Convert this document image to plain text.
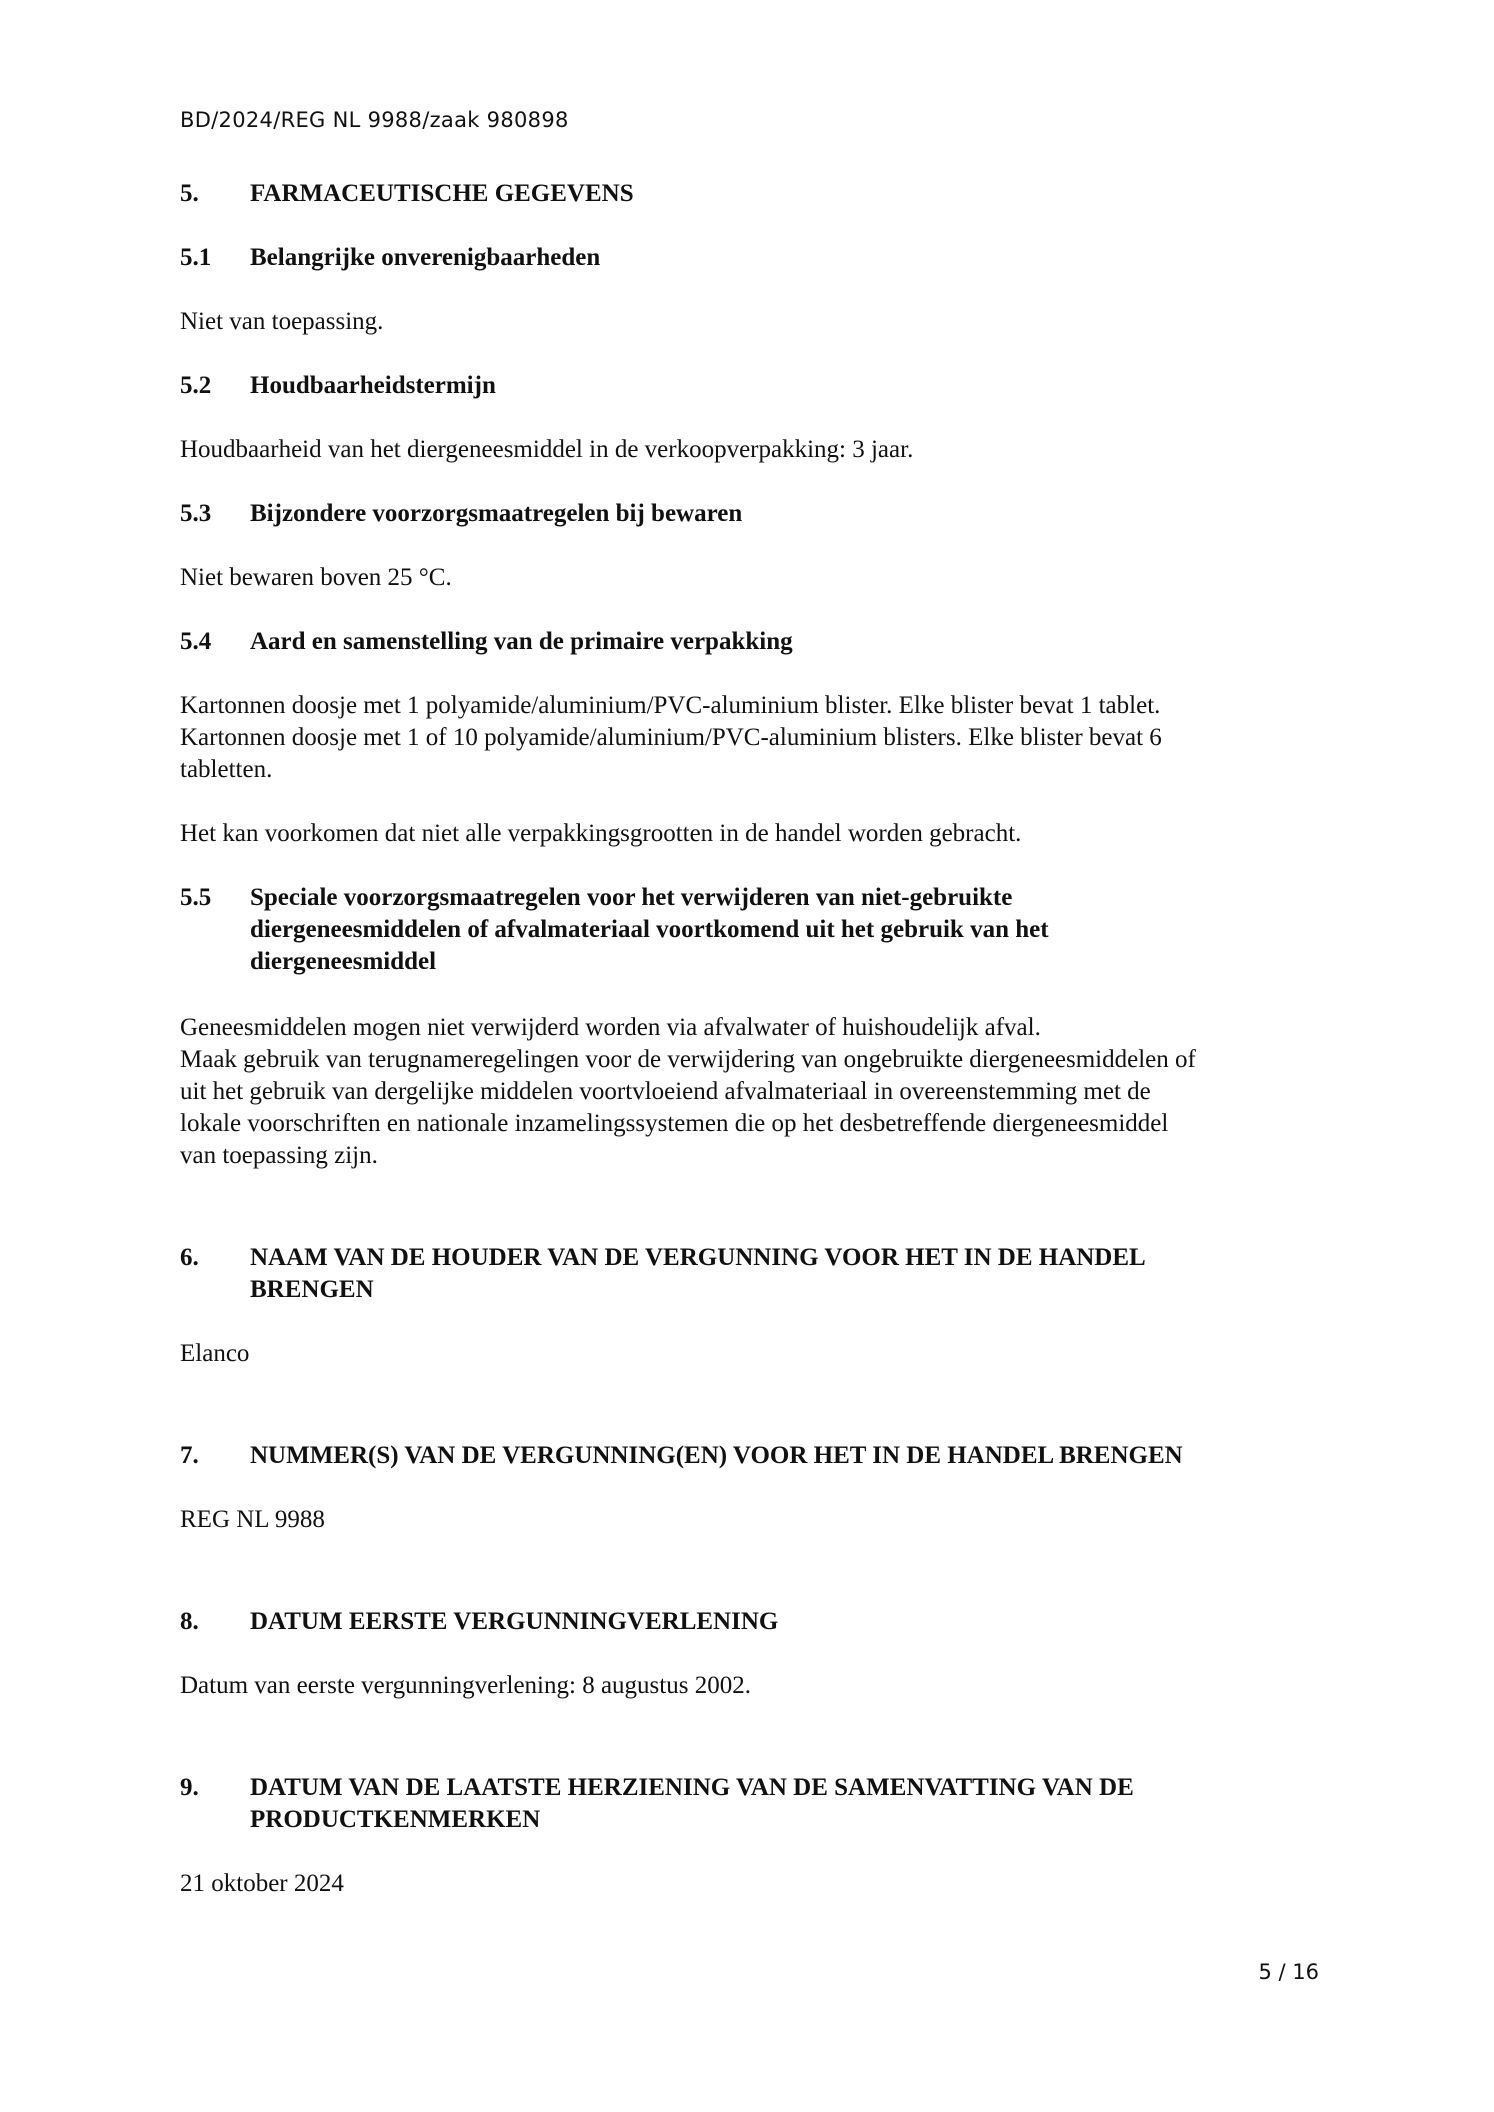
BD/2024/REG NL 9988/zaak 980898
5.	FARMACEUTISCHE GEGEVENS
5.1	Belangrijke onverenigbaarheden

Niet van toepassing.

5.2	Houdbaarheidstermijn

Houdbaarheid van het diergeneesmiddel in de verkoopverpakking: 3 jaar.

5.3	Bijzondere voorzorgsmaatregelen bij bewaren

Niet bewaren boven 25 °C.

5.4	Aard en samenstelling van de primaire verpakking

Kartonnen doosje met 1 polyamide/aluminium/PVC-aluminium blister. Elke blister bevat 1 tablet.

Kartonnen doosje met 1 of 10 polyamide/aluminium/PVC-aluminium blisters. Elke blister bevat 6

tabletten.

Het kan voorkomen dat niet alle verpakkingsgrootten in de handel worden gebracht.

5.5	Speciale voorzorgsmaatregelen voor het verwijderen van niet-gebruikte
diergeneesmiddelen of afvalmateriaal voortkomend uit het gebruik van het
diergeneesmiddel

Geneesmiddelen mogen niet verwijderd worden via afvalwater of huishoudelijk afval.

Maak gebruik van terugnameregelingen voor de verwijdering van ongebruikte diergeneesmiddelen of

uit het gebruik van dergelijke middelen voortvloeiend afvalmateriaal in overeenstemming met de

lokale voorschriften en nationale inzamelingssystemen die op het desbetreffende diergeneesmiddel

van toepassing zijn.

6.	NAAM VAN DE HOUDER VAN DE VERGUNNING VOOR HET IN DE HANDEL
BRENGEN

Elanco

7.	NUMMER(S) VAN DE VERGUNNING(EN) VOOR HET IN DE HANDEL BRENGEN

REG NL 9988

8.	DATUM EERSTE VERGUNNINGVERLENING

Datum van eerste vergunningverlening: 8 augustus 2002.

9.	DATUM VAN DE LAATSTE HERZIENING VAN DE SAMENVATTING VAN DE
PRODUCTKENMERKEN

21 oktober 2024

5 / 16
